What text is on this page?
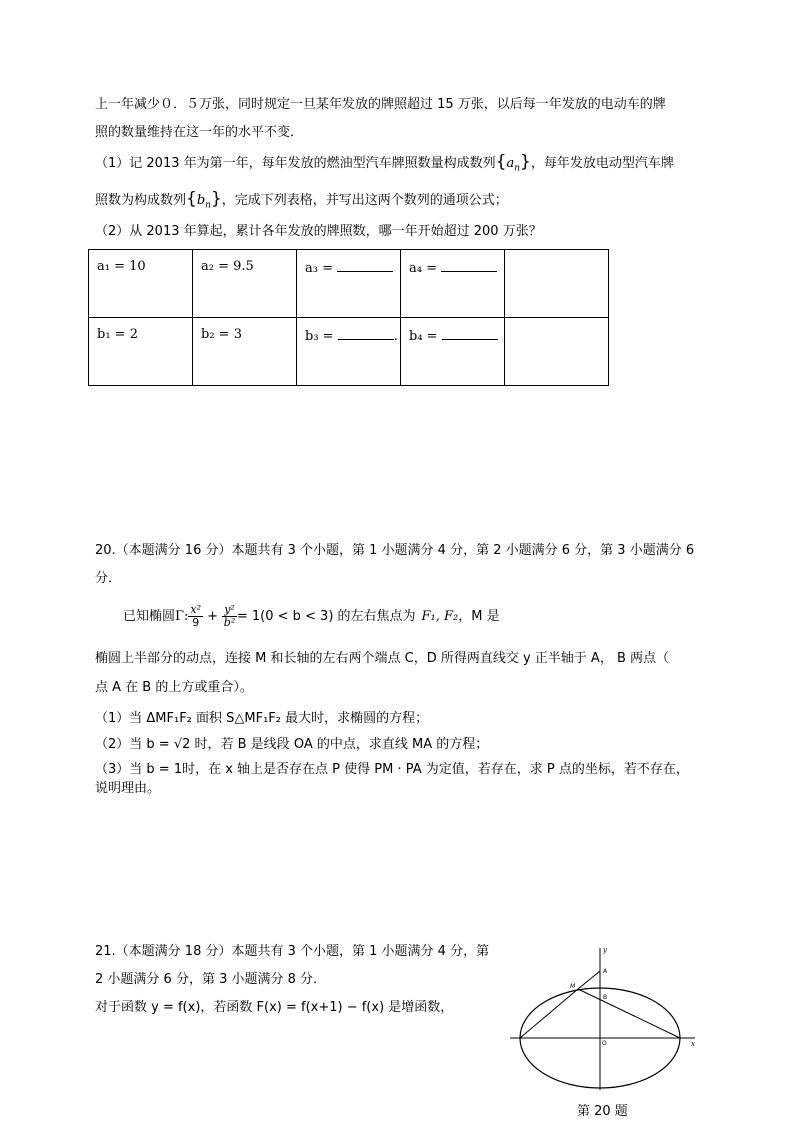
上一年减少０．５万张，同时规定一旦某年发放的牌照超过 15 万张，以后每一年发放的电动车的牌
照的数量维持在这一年的水平不变．
（1）记 2013 年为第一年，每年发放的燃油型汽车牌照数量构成数列$\{a_n\}$，每年发放电动型汽车牌
照数为构成数列$\{b_n\}$，完成下列表格，并写出这两个数列的通项公式；
（2）从 2013 年算起，累计各年发放的牌照数，哪一年开始超过 200 万张？
a₁ = 10	a₂ = 9.5	a₃ =	a₄ =	
b₁ = 2	b₂ = 3	b₃ = .	b₄ =	
20.（本题满分 16 分）本题共有 3 个小题，第 1 小题满分 4 分，第 2 小题满分 6 分，第 3 小题满分 6
分．
已知椭圆Γ: $\frac{\text{x²}}{9} + \frac{\text{y²}}{\text{b²}} = 1(0 < b < 3)$ 的左右焦点为 F₁, F₂，M 是
椭圆上半部分的动点，连接 M 和长轴的左右两个端点 C，D 所得两直线交 y 正半轴于 A， B 两点（
点 A 在 B 的上方或重合）。
（1）当 ΔMF₁F₂ 面积 S△MF₁F₂ 最大时，求椭圆的方程；
（2）当 b = √2 时，若 B 是线段 OA 的中点，求直线 MA 的方程；
（3）当 b = 1时，在 x 轴上是否存在点 P 使得 PM · PA 为定值，若存在，求 P 点的坐标，若不存在，
说明理由。
21.（本题满分 18 分）本题共有 3 个小题，第 1 小题满分 4 分，第
2 小题满分 6 分，第 3 小题满分 8 分．
对于函数 y = f(x)，若函数 F(x) = f(x+1) − f(x) 是增函数，
y
x
A
B
M
O
第 20 题
